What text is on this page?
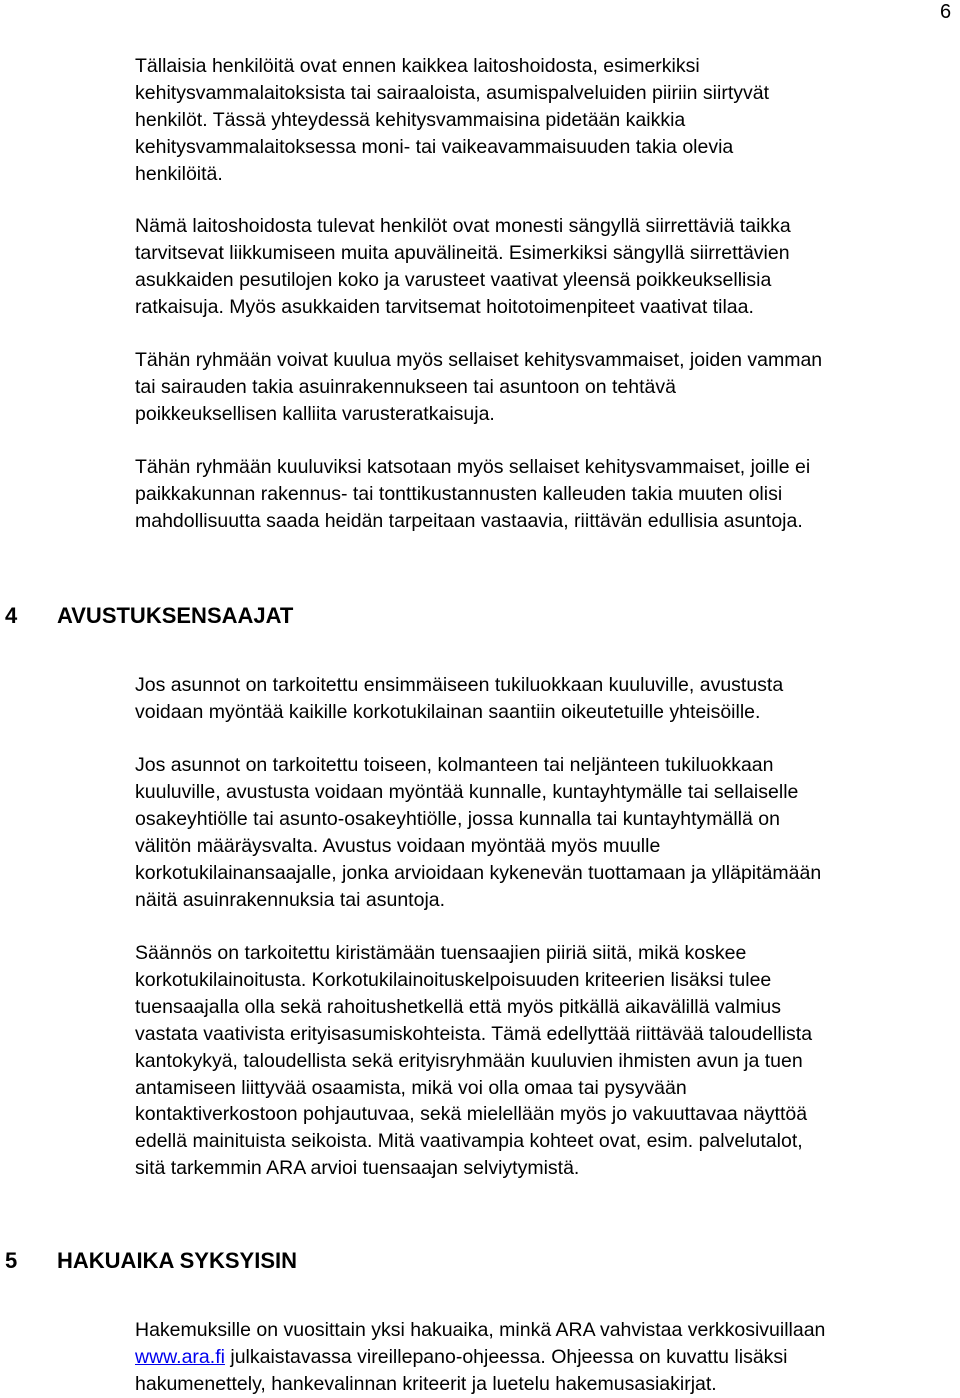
6

Tällaisia henkilöitä ovat ennen kaikkea laitoshoidosta, esimerkiksi
kehitysvammalaitoksista tai sairaaloista, asumispalveluiden piiriin siirtyvät
henkilöt. Tässä yhteydessä kehitysvammaisina pidetään kaikkia
kehitysvammalaitoksessa moni- tai vaikeavammaisuuden takia olevia
henkilöitä.

Nämä laitoshoidosta tulevat henkilöt ovat monesti sängyllä siirrettäviä taikka
tarvitsevat liikkumiseen muita apuvälineitä. Esimerkiksi sängyllä siirrettävien
asukkaiden pesutilojen koko ja varusteet vaativat yleensä poikkeuksellisia
ratkaisuja. Myös asukkaiden tarvitsemat hoitotoimenpiteet vaativat tilaa.

Tähän ryhmään voivat kuulua myös sellaiset kehitysvammaiset, joiden vamman
tai sairauden takia asuinrakennukseen tai asuntoon on tehtävä
poikkeuksellisen kalliita varusteratkaisuja.

Tähän ryhmään kuuluviksi katsotaan myös sellaiset kehitysvammaiset, joille ei
paikkakunnan rakennus- tai tonttikustannusten kalleuden takia muuten olisi
mahdollisuutta saada heidän tarpeitaan vastaavia, riittävän edullisia asuntoja.

4 AVUSTUKSENSAAJAT

Jos asunnot on tarkoitettu ensimmäiseen tukiluokkaan kuuluville, avustusta
voidaan myöntää kaikille korkotukilainan saantiin oikeutetuille yhteisöille.

Jos asunnot on tarkoitettu toiseen, kolmanteen tai neljänteen tukiluokkaan
kuuluville, avustusta voidaan myöntää kunnalle, kuntayhtymälle tai sellaiselle
osakeyhtiölle tai asunto-osakeyhtiölle, jossa kunnalla tai kuntayhtymällä on
välitön määräysvalta. Avustus voidaan myöntää myös muulle
korkotukilainansaajalle, jonka arvioidaan kykenevän tuottamaan ja ylläpitämään
näitä asuinrakennuksia tai asuntoja.

Säännös on tarkoitettu kiristämään tuensaajien piiriä siitä, mikä koskee
korkotukilainoitusta. Korkotukilainoituskelpoisuuden kriteerien lisäksi tulee
tuensaajalla olla sekä rahoitushetkellä että myös pitkällä aikavälillä valmius
vastata vaativista erityisasumiskohteista. Tämä edellyttää riittävää taloudellista
kantokykyä, taloudellista sekä erityisryhmään kuuluvien ihmisten avun ja tuen
antamiseen liittyvää osaamista, mikä voi olla omaa tai pysyvään
kontaktiverkostoon pohjautuvaa, sekä mielellään myös jo vakuuttavaa näyttöä
edellä mainituista seikoista. Mitä vaativampia kohteet ovat, esim. palvelutalot,
sitä tarkemmin ARA arvioi tuensaajan selviytymistä.

5 HAKUAIKA SYKSYISIN

Hakemuksille on vuosittain yksi hakuaika, minkä ARA vahvistaa verkkosivuillaan
www.ara.fi julkaistavassa vireillepano-ohjeessa. Ohjeessa on kuvattu lisäksi
hakumenettely, hankevalinnan kriteerit ja luetelu hakemusasiakirjat.
